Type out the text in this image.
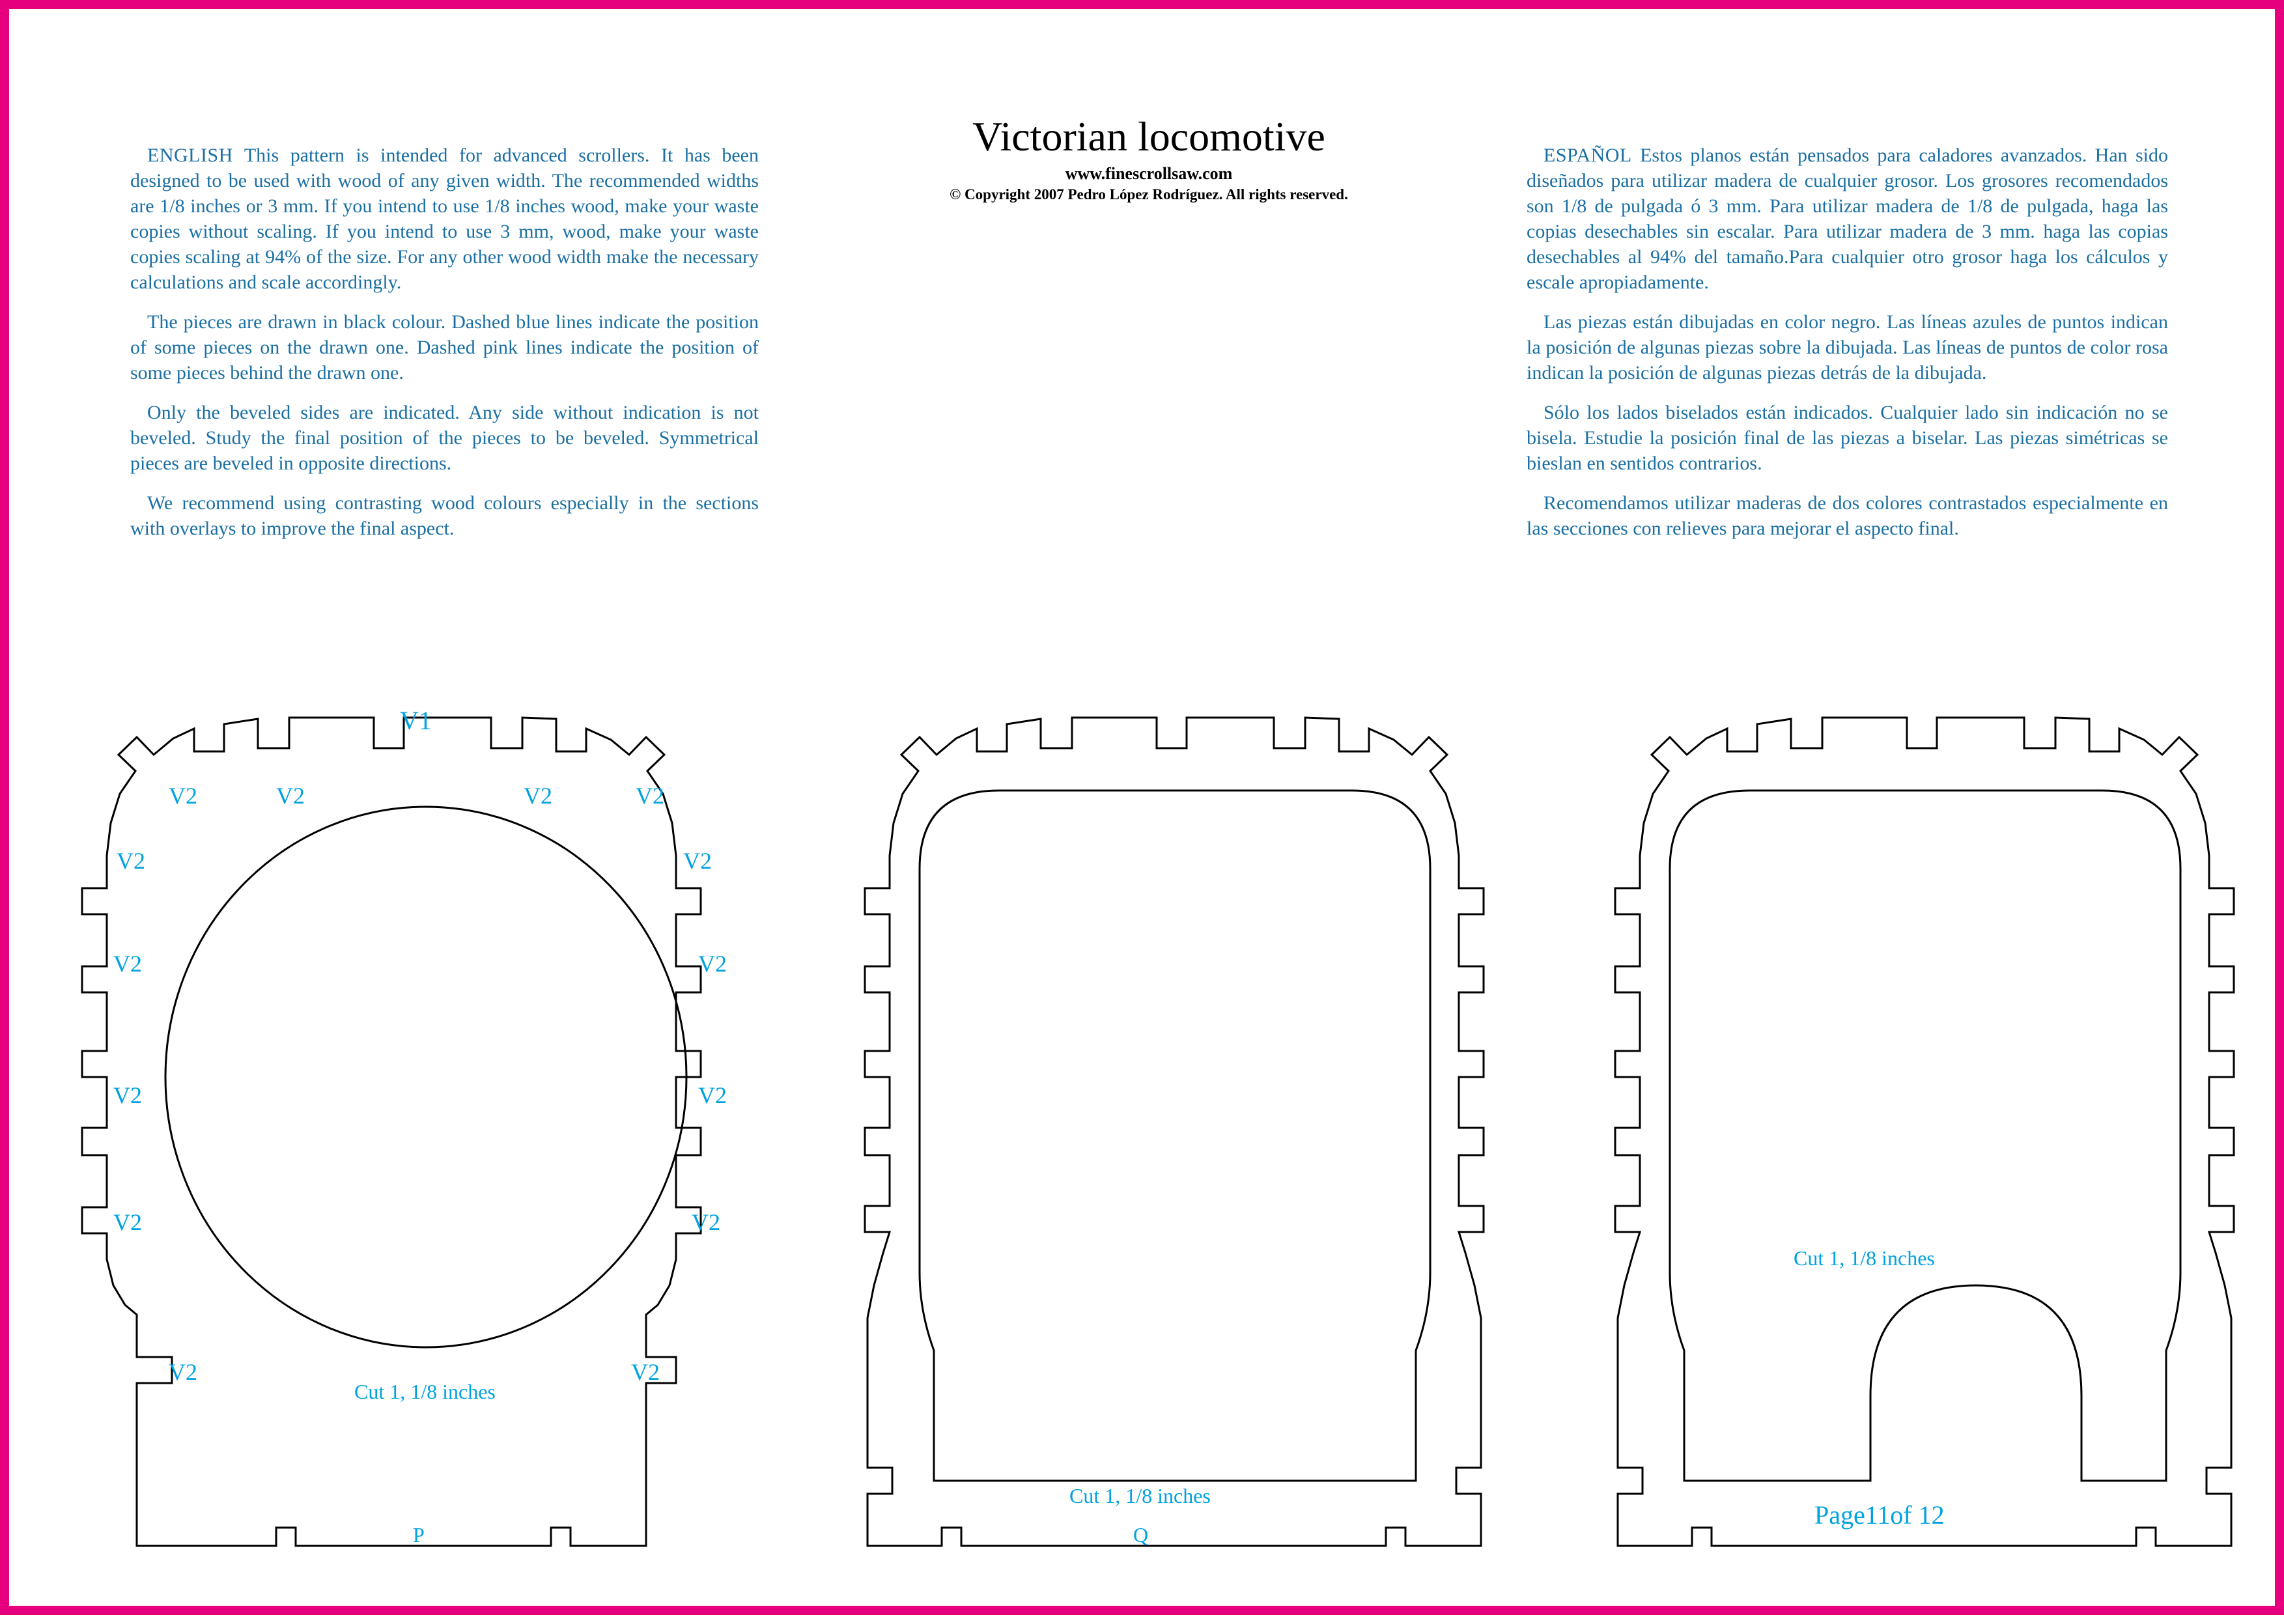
ENGLISH This pattern is intended for advanced scrollers. It has been designed to be used with wood of any given width. The recommended widths are 1/8 inches or 3 mm. If you intend to use 1/8 inches wood, make your waste copies without scaling. If you intend to use 3 mm, wood, make your waste copies scaling at 94% of the size. For any other wood width make the necessary calculations and scale accordingly.

The pieces are drawn in black colour. Dashed blue lines indicate the position of some pieces on the drawn one. Dashed pink lines indicate the position of some pieces behind the drawn one.

Only the beveled sides are indicated. Any side without indication is not beveled. Study the final position of the pieces to be beveled. Symmetrical pieces are beveled in opposite directions.

We recommend using contrasting wood colours especially in the sections with overlays to improve the final aspect.

ESPAÑOL Estos planos están pensados para caladores avanzados. Han sido diseñados para utilizar madera de cualquier grosor. Los grosores recomendados son 1/8 de pulgada ó 3 mm. Para utilizar madera de 1/8 de pulgada, haga las copias desechables sin escalar. Para utilizar madera de 3 mm. haga las copias desechables al 94% del tamaño.Para cualquier otro grosor haga los cálculos y escale apropiadamente.

Las piezas están dibujadas en color negro. Las líneas azules de puntos indican la posición de algunas piezas sobre la dibujada. Las líneas de puntos de color rosa indican la posición de algunas piezas detrás de la dibujada.

Sólo los lados biselados están indicados. Cualquier lado sin indicación no se bisela. Estudie la posición final de las piezas a biselar. Las piezas simétricas se bieslan en sentidos contrarios.

Recomendamos utilizar maderas de dos colores contrastados especialmente en las secciones con relieves para mejorar el aspecto final.

Victorian locomotive
www.finescrollsaw.com
© Copyright 2007 Pedro López Rodríguez. All rights reserved.
V1
V2	V2	V2	V2
V2	V2
V2	V2
V2	V2
V2	V2
V2	V2
Cut 1, 1/8 inches
P
Cut 1, 1/8 inches
Q
Cut 1, 1/8 inches
Page11of 12
